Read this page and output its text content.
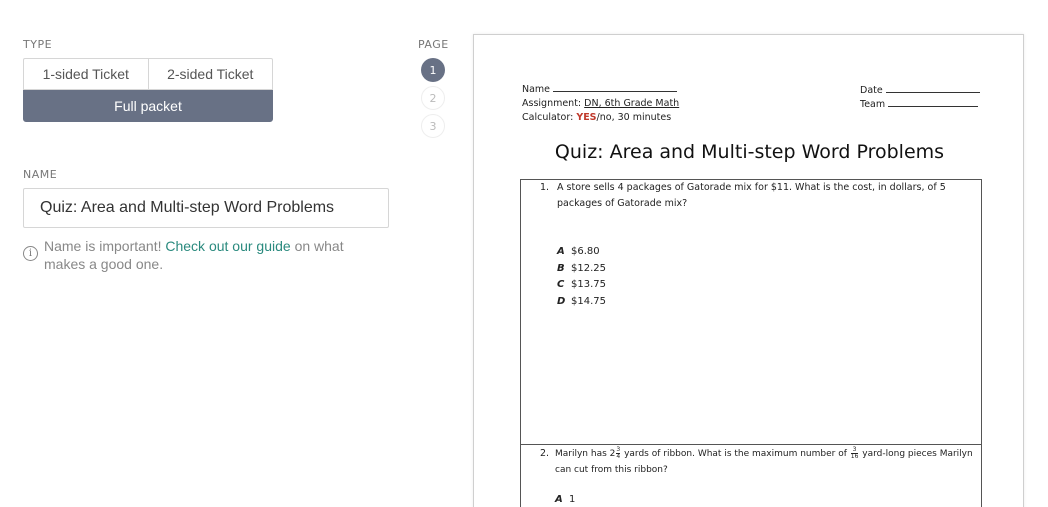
TYPE
1-sided Ticket	2-sided Ticket
Full packet
NAME
Quiz: Area and Multi-step Word Problems
i Name is important! Check out our guide on what makes a good one.
PAGE
1
2
3
Name
Assignment: DN, 6th Grade Math
Calculator: YES/no, 30 minutes
Date
Team
Quiz: Area and Multi-step Word Problems
1. A store sells 4 packages of Gatorade mix for $11. What is the cost, in dollars, of 5 packages of Gatorade mix?
A $6.80
B $12.25
C $13.75
D $14.75
2. Marilyn has $2 \frac{3}{4}$ yards of ribbon. What is the maximum number of $\frac{3}{16}$ yard-long pieces Marilyn can cut from this ribbon?
A 1
